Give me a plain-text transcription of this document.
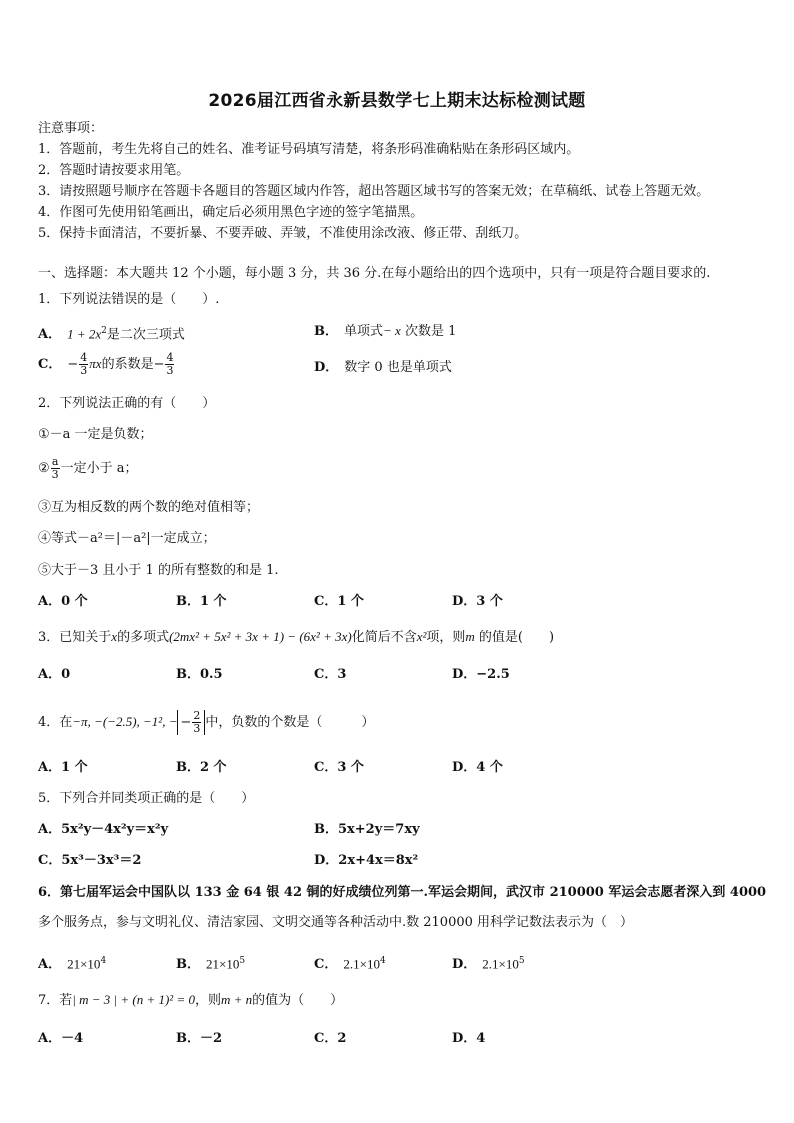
2026届江西省永新县数学七上期末达标检测试题
注意事项：
1．答题前，考生先将自己的姓名、准考证号码填写清楚，将条形码准确粘贴在条形码区域内。
2．答题时请按要求用笔。
3．请按照题号顺序在答题卡各题目的答题区域内作答，超出答题区域书写的答案无效；在草稿纸、试卷上答题无效。
4．作图可先使用铅笔画出，确定后必须用黑色字迹的签字笔描黑。
5．保持卡面清洁，不要折暴、不要弄破、弄皱，不准使用涂改液、修正带、刮纸刀。
一、选择题：本大题共 12 个小题，每小题 3 分，共 36 分.在每小题给出的四个选项中，只有一项是符合题目要求的.
1．下列说法错误的是（　　）.
A． $1 + 2x^2$是二次三项式	B． 单项式− x 次数是 1
C． − $\frac{4}{3}$ πx的系数是− $\frac{4}{3}$	D． 数字 0 也是单项式
2．下列说法正确的有（　　）
①－a 一定是负数；
② $\frac{a}{3}$ 一定小于 a；
③互为相反数的两个数的绝对值相等；
④等式－a²＝|－a²|一定成立；
⑤大于－3 且小于 1 的所有整数的和是 1.
A．0 个	B．1 个	C．1 个	D．3 个
3．已知关于x的多项式(2mx² + 5x² + 3x + 1) − (6x² + 3x)化简后不含x²项，则m 的值是(　　)
A．0	B．0.5	C．3	D．−2.5
4．在−π, −(−2.5), −1², − − $\frac{2}{3}$ 中，负数的个数是（　　　）
A．1 个	B．2 个	C．3 个	D．4 个
5．下列合并同类项正确的是（　　）
A．5x²y－4x²y＝x²y	B．5x+2y＝7xy
C．5x³－3x³＝2	D．2x+4x＝8x²
6．第七届军运会中国队以 133 金 64 银 42 铜的好成绩位列第一.军运会期间，武汉市 210000 军运会志愿者深入到 4000
多个服务点，参与文明礼仪、清洁家园、文明交通等各种活动中.数 210000 用科学记数法表示为（　）
A． $21\times 10^4$	B． $21\times 10^5$	C． $2.1\times 10^4$	D． $2.1\times 10^5$
7．若| m − 3 | + (n + 1)² = 0，则m + n的值为（　　）
A．－4	B．－2	C．2	D．4
